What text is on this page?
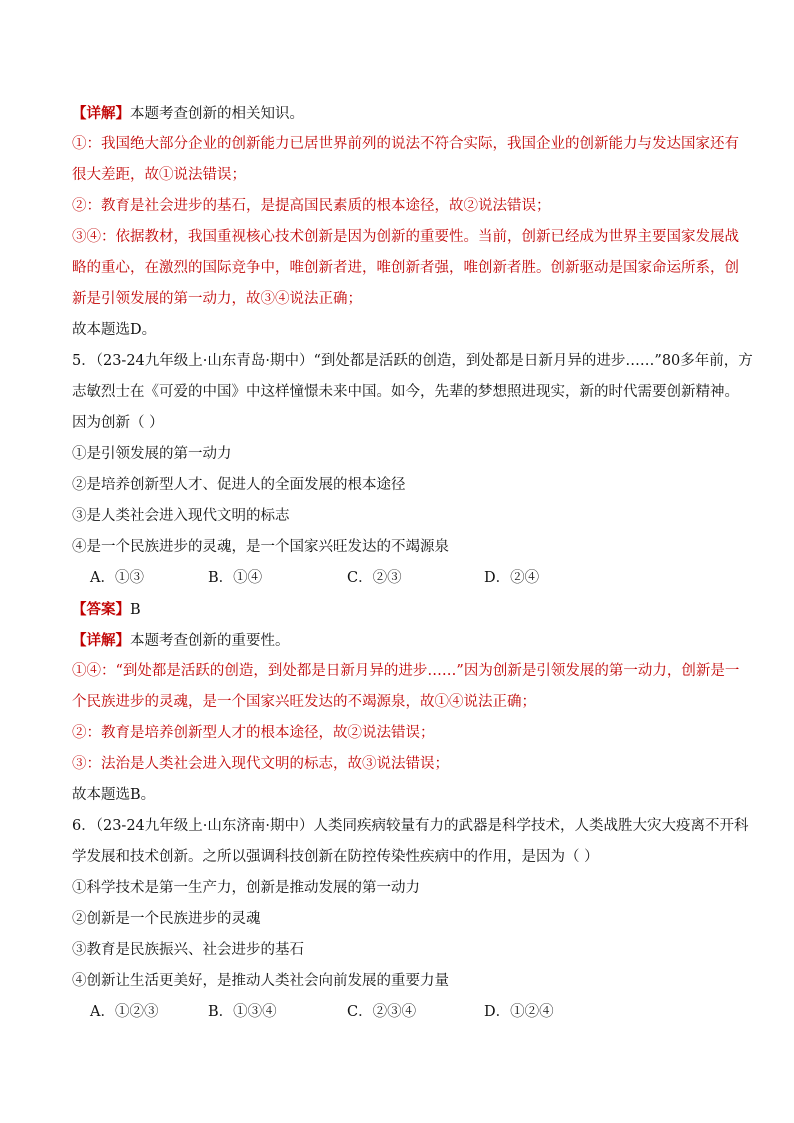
【详解】本题考查创新的相关知识。
①：我国绝大部分企业的创新能力已居世界前列的说法不符合实际，我国企业的创新能力与发达国家还有
很大差距，故①说法错误；
②：教育是社会进步的基石，是提高国民素质的根本途径，故②说法错误；
③④：依据教材，我国重视核心技术创新是因为创新的重要性。当前，创新已经成为世界主要国家发展战
略的重心，在激烈的国际竞争中，唯创新者进，唯创新者强，唯创新者胜。创新驱动是国家命运所系，创
新是引领发展的第一动力，故③④说法正确；
故本题选D。
5．（23-24九年级上·山东青岛·期中）“到处都是活跃的创造，到处都是日新月异的进步……”80多年前，方
志敏烈士在《可爱的中国》中这样憧憬未来中国。如今，先辈的梦想照进现实，新的时代需要创新精神。
因为创新（ ）
①是引领发展的第一动力
②是培养创新型人才、促进人的全面发展的根本途径
③是人类社会进入现代文明的标志
④是一个民族进步的灵魂，是一个国家兴旺发达的不竭源泉
A．①③	B．①④	C．②③	D．②④
【答案】B
【详解】本题考查创新的重要性。
①④：“到处都是活跃的创造，到处都是日新月异的进步……”因为创新是引领发展的第一动力，创新是一
个民族进步的灵魂，是一个国家兴旺发达的不竭源泉，故①④说法正确；
②：教育是培养创新型人才的根本途径，故②说法错误；
③：法治是人类社会进入现代文明的标志，故③说法错误；
故本题选B。
6．（23-24九年级上·山东济南·期中）人类同疾病较量有力的武器是科学技术，人类战胜大灾大疫离不开科
学发展和技术创新。之所以强调科技创新在防控传染性疾病中的作用，是因为（ ）
①科学技术是第一生产力，创新是推动发展的第一动力
②创新是一个民族进步的灵魂
③教育是民族振兴、社会进步的基石
④创新让生活更美好，是推动人类社会向前发展的重要力量
A．①②③	B．①③④	C．②③④	D．①②④
